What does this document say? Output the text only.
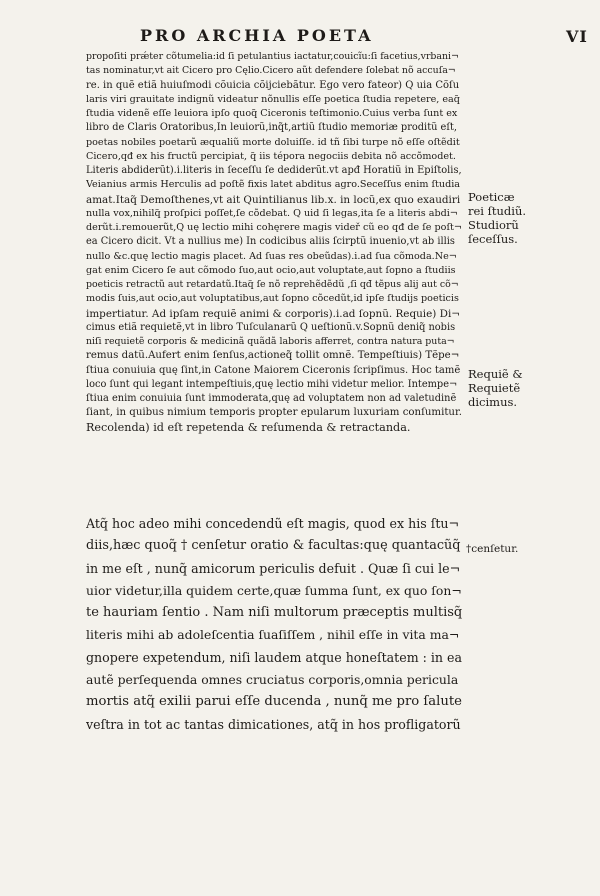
PRO ARCHIA POETA	VI
propoſiti prǽter cõtumelia:id ſi petulantius iactatur,couicĩu:ſi facetius,vrbani¬
tas nominatur,vt ait Cicero pro Cęlio.Cicero aũt defendere ſolebat nõ accuſa¬
re. in quẽ etiã huiuſmodi cõuicia cõijciebãtur. Ego vero fateor) Q uia Cõſu
laris viri grauitate indignũ videatur nõnullis eſſe poetica ſtudia repetere, eaq̃
ſtudia videnẽ eſſe leuiora ipſo quoq̃ Ciceronis teſtimonio.Cuius verba ſunt ex
libro de Claris Oratoribus,In leuiorũ,inq̃t,artiũ ſtudio memoriæ proditũ eſt,
poetas nobiles poetarũ æqualiũ morte doluiſſe. id tñ ſibi turpe nõ eſſe oſtẽdit
Cicero,qđ ex his fructũ percipiat, q̃ iis tépora negociis debita nõ accõmodet.
Literis abdiderũt).i.literis in ſeceſſu ſe dediderũt.vt apđ Horatiũ in Epiſtolis,
Veianius armis Herculis ad poſtẽ fixis latet abditus agro.Seceſſus enim ſtudia
amat.Itaq̃ Demoſthenes,vt ait Quintilianus lib.x. in locũ,ex quo exaudiri
nulla vox,nihilq̃ proſpici poſſet,ſe cõdebat. Q uid ſi legas,ita ſe a literis abdi¬
derũt.i.remouerũt,Q uę lectio mihi cohęrere magis videř cũ eo qđ de ſe poſt¬
ea Cicero dicit. Vt a nullius me) In codicibus aliis ſcirptũ inuenio,vt ab illis
nullo &c.quę lectio magis placet. Ad ſuas res obeũdas).i.ad ſua cõmoda.Ne¬
gat enim Cicero ſe aut cõmodo ſuo,aut ocio,aut voluptate,aut ſopno a ſtudiis
poeticis retractũ aut retardatũ.Itaq̃ ſe nõ reprehẽdẽdũ ,ſi qđ tẽpus alij aut cõ¬
modis ſuis,aut ocio,aut voluptatibus,aut ſopno cõcedũt,id ipſe ſtudijs poeticis
impertiatur. Ad ipſam requiẽ animi & corporis).i.ad ſopnũ. Requie) Di¬
cimus etiã requietẽ,vt in libro Tuſculanarũ Q ueſtionũ.v.Sopnũ deniq̃ nobis
niſi requietẽ corporis & medicinã quãdã laboris afferret, contra natura puta¬
remus datũ.Aufert enim ſenſus,actioneq̃ tollit omnẽ. Tempeſtiuis) Tẽpe¬
ſtiua conuiuia quę ſint,in Catone Maiorem Ciceronis ſcripſimus. Hoc tamẽ
loco ſunt qui legant intempeſtiuis,quę lectio mihi videtur melior. Intempe¬
ſtiua enim conuiuia ſunt immoderata,quę ad voluptatem non ad valetudinẽ
ſiant, in quibus nimium temporis propter epularum luxuriam conſumitur.
Recolenda) id eſt repetenda & reſumenda & retractanda.
Atq̃ hoc adeo mihi concedendũ eſt magis, quod ex his ſtu¬
diis,hæc quoq̃ † cenſetur oratio & facultas:quę quantacũq̃
in me eſt , nunq̃ amicorum periculis defuit . Quæ ſi cui le¬
uior videtur,illa quidem certe,quæ ſumma ſunt, ex quo ſon¬
te hauriam ſentio . Nam niſi multorum præceptis multisq̃
literis mihi ab adoleſcentia ſuaſiſſem , nihil eſſe in vita ma¬
gnopere expetendum, niſi laudem atque honeſtatem : in ea
autẽ perſequenda omnes cruciatus corporis,omnia pericula
mortis atq̃ exilii parui eſſe ducenda , nunq̃ me pro ſalute
veſtra in tot ac tantas dimicationes, atq̃ in hos profligatorũ
Poeticæ
rei ſtudiũ.
Studiorũ
ſeceſſus.
Requiẽ &
Requietẽ
dicimus.
†cenſetur.
